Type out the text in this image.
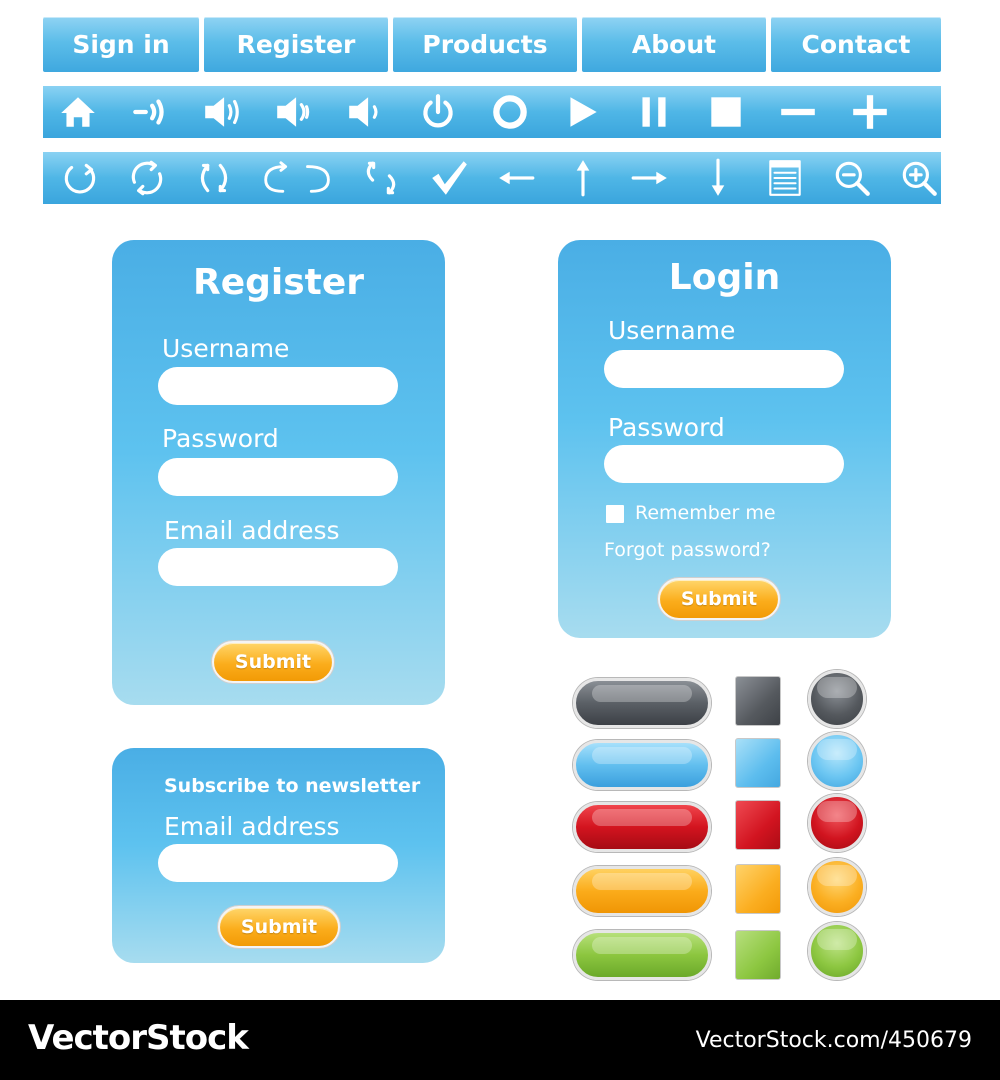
Sign in	Register	Products	About	Contact
Register
Username
Password
Email address
Submit
Login
Username
Password
Remember me
Forgot password?
Submit
Subscribe to newsletter
Email address
Submit
VectorStock	VectorStock.com/450679
